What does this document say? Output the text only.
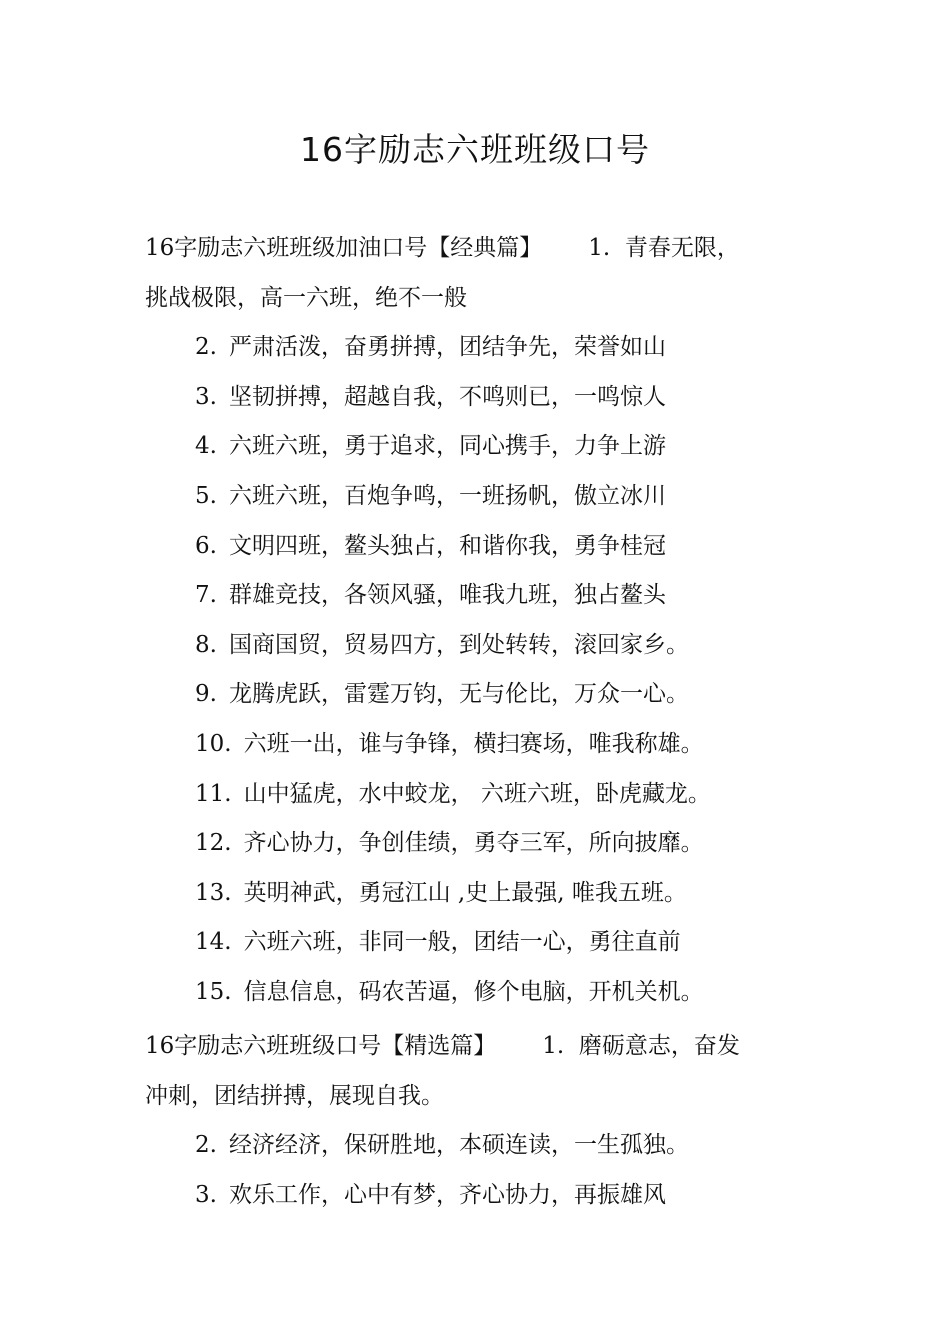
16字励志六班班级口号
16字励志六班班级加油口号【经典篇】 1. 青春无限，
挑战极限，高一六班，绝不一般
2. 严肃活泼，奋勇拼搏，团结争先，荣誉如山
3. 坚韧拼搏，超越自我，不鸣则已，一鸣惊人
4. 六班六班，勇于追求，同心携手，力争上游
5. 六班六班，百炮争鸣，一班扬帆，傲立冰川
6. 文明四班，鳌头独占，和谐你我，勇争桂冠
7. 群雄竞技，各领风骚，唯我九班，独占鳌头
8. 国商国贸，贸易四方，到处转转，滚回家乡。
9. 龙腾虎跃，雷霆万钧，无与伦比，万众一心。
10. 六班一出，谁与争锋，横扫赛场，唯我称雄。
11. 山中猛虎，水中蛟龙， 六班六班，卧虎藏龙。
12. 齐心协力，争创佳绩，勇夺三军，所向披靡。
13. 英明神武，勇冠江山 ,史上最强, 唯我五班。
14. 六班六班，非同一般，团结一心，勇往直前
15. 信息信息，码农苦逼，修个电脑，开机关机。
16字励志六班班级口号【精选篇】 1. 磨砺意志，奋发
冲刺，团结拼搏，展现自我。
2. 经济经济，保研胜地，本硕连读，一生孤独。
3. 欢乐工作，心中有梦，齐心协力，再振雄风
